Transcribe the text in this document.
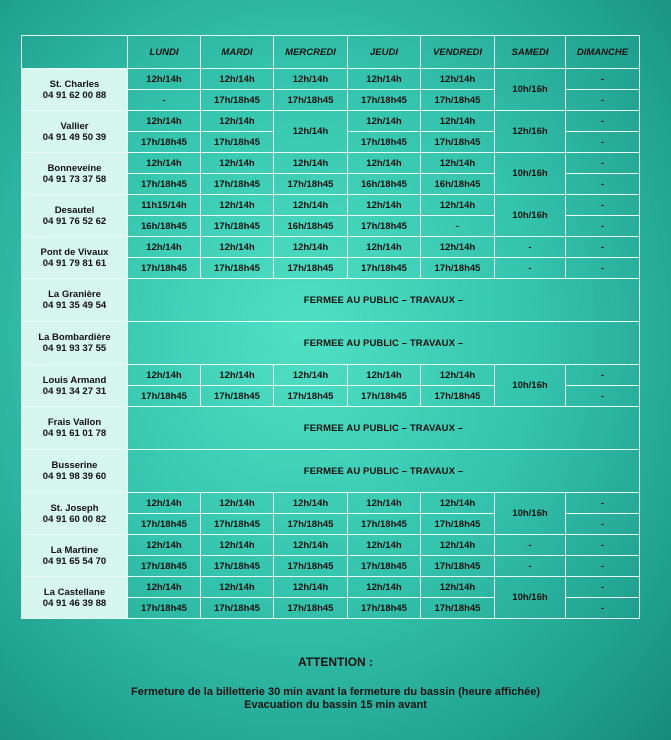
	LUNDI	MARDI	MERCREDI	JEUDI	VENDREDI	SAMEDI	DIMANCHE

St. Charles
04 91 62 00 88	12h/14h	12h/14h	12h/14h	12h/14h	12h/14h	10h/16h	-
	-	17h/18h45	17h/18h45	17h/18h45	17h/18h45		-

Vallier
04 91 49 50 39	12h/14h	12h/14h	12h/14h	12h/14h	12h/14h	12h/16h	-
	17h/18h45	17h/18h45		17h/18h45	17h/18h45		-

Bonneveine
04 91 73 37 58	12h/14h	12h/14h	12h/14h	12h/14h	12h/14h	10h/16h	-
	17h/18h45	17h/18h45	17h/18h45	16h/18h45	16h/18h45		-

Desautel
04 91 76 52 62	11h15/14h	12h/14h	12h/14h	12h/14h	12h/14h	10h/16h	-
	16h/18h45	17h/18h45	16h/18h45	17h/18h45	-		-

Pont de Vivaux
04 91 79 81 61	12h/14h	12h/14h	12h/14h	12h/14h	12h/14h	-	-
	17h/18h45	17h/18h45	17h/18h45	17h/18h45	17h/18h45	-	-

La Granière
04 91 35 49 54	FERMEE AU PUBLIC – TRAVAUX –						

La Bombardière
04 91 93 37 55	FERMEE AU PUBLIC – TRAVAUX –						

Louis Armand
04 91 34 27 31	12h/14h	12h/14h	12h/14h	12h/14h	12h/14h	10h/16h	-
	17h/18h45	17h/18h45	17h/18h45	17h/18h45	17h/18h45		-

Frais Vallon
04 91 61 01 78	FERMEE AU PUBLIC – TRAVAUX –						

Busserine
04 91 98 39 60	FERMEE AU PUBLIC – TRAVAUX –						

St. Joseph
04 91 60 00 82	12h/14h	12h/14h	12h/14h	12h/14h	12h/14h	10h/16h	-
	17h/18h45	17h/18h45	17h/18h45	17h/18h45	17h/18h45		-

La Martine
04 91 65 54 70	12h/14h	12h/14h	12h/14h	12h/14h	12h/14h	-	-
	17h/18h45	17h/18h45	17h/18h45	17h/18h45	17h/18h45	-	-

La Castellane
04 91 46 39 88	12h/14h	12h/14h	12h/14h	12h/14h	12h/14h	10h/16h	-
	17h/18h45	17h/18h45	17h/18h45	17h/18h45	17h/18h45		-
ATTENTION :
Fermeture de la billetterie 30 min avant la fermeture du bassin (heure affichée)
Evacuation du bassin 15 min avant
